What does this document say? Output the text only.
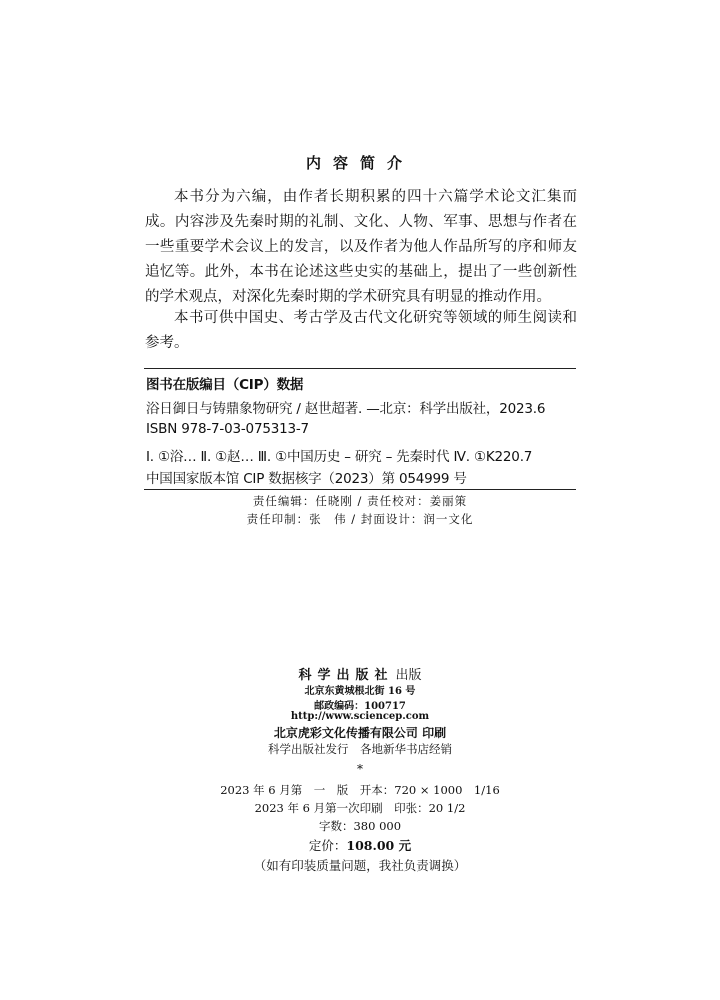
内容简介
本书分为六编，由作者长期积累的四十六篇学术论文汇集而成。内容涉及先秦时期的礼制、文化、人物、军事、思想与作者在一些重要学术会议上的发言，以及作者为他人作品所写的序和师友追忆等。此外，本书在论述这些史实的基础上，提出了一些创新性的学术观点，对深化先秦时期的学术研究具有明显的推动作用。
本书可供中国史、考古学及古代文化研究等领域的师生阅读和参考。
图书在版编目（CIP）数据
浴日御日与铸鼎象物研究 / 赵世超著. —北京：科学出版社，2023.6
ISBN 978-7-03-075313-7
Ⅰ. ①浴… Ⅱ. ①赵… Ⅲ. ①中国历史 – 研究 – 先秦时代 Ⅳ. ①K220.7
中国国家版本馆 CIP 数据核字（2023）第 054999 号
责任编辑：任晓刚 / 责任校对：姜丽策
责任印制：张　伟 / 封面设计：润一文化
科学出版社 出版
北京东黄城根北街 16 号
邮政编码：100717
http://www.sciencep.com
北京虎彩文化传播有限公司 印刷
科学出版社发行　各地新华书店经销
*
2023 年 6 月第　一　版　开本：720 × 1000　1/16
2023 年 6 月第一次印刷　印张：20 1/2
字数：380 000
定价：108.00 元
（如有印装质量问题，我社负责调换）
